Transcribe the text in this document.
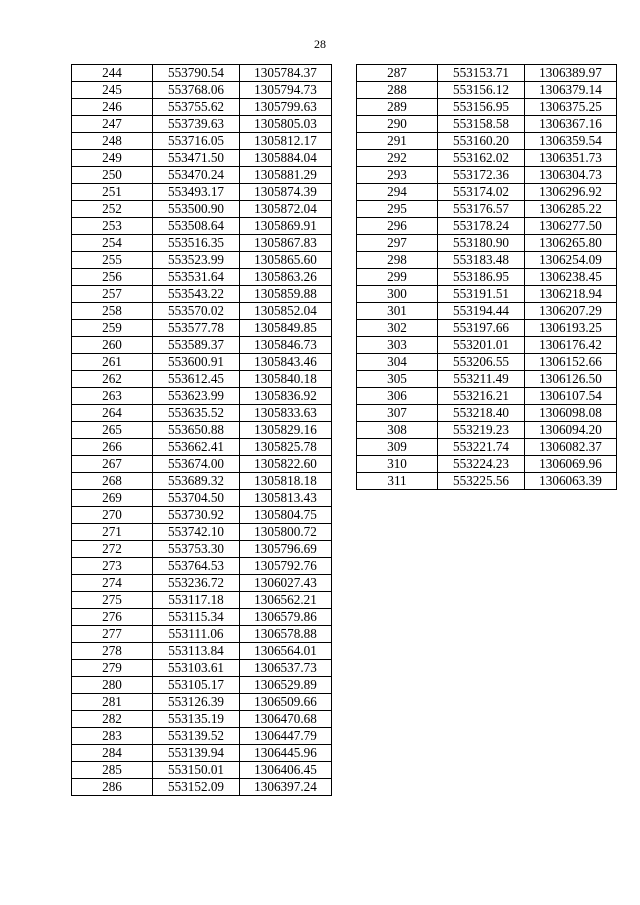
28
244	553790.54	1305784.37
245	553768.06	1305794.73
246	553755.62	1305799.63
247	553739.63	1305805.03
248	553716.05	1305812.17
249	553471.50	1305884.04
250	553470.24	1305881.29
251	553493.17	1305874.39
252	553500.90	1305872.04
253	553508.64	1305869.91
254	553516.35	1305867.83
255	553523.99	1305865.60
256	553531.64	1305863.26
257	553543.22	1305859.88
258	553570.02	1305852.04
259	553577.78	1305849.85
260	553589.37	1305846.73
261	553600.91	1305843.46
262	553612.45	1305840.18
263	553623.99	1305836.92
264	553635.52	1305833.63
265	553650.88	1305829.16
266	553662.41	1305825.78
267	553674.00	1305822.60
268	553689.32	1305818.18
269	553704.50	1305813.43
270	553730.92	1305804.75
271	553742.10	1305800.72
272	553753.30	1305796.69
273	553764.53	1305792.76
274	553236.72	1306027.43
275	553117.18	1306562.21
276	553115.34	1306579.86
277	553111.06	1306578.88
278	553113.84	1306564.01
279	553103.61	1306537.73
280	553105.17	1306529.89
281	553126.39	1306509.66
282	553135.19	1306470.68
283	553139.52	1306447.79
284	553139.94	1306445.96
285	553150.01	1306406.45
286	553152.09	1306397.24
287	553153.71	1306389.97
288	553156.12	1306379.14
289	553156.95	1306375.25
290	553158.58	1306367.16
291	553160.20	1306359.54
292	553162.02	1306351.73
293	553172.36	1306304.73
294	553174.02	1306296.92
295	553176.57	1306285.22
296	553178.24	1306277.50
297	553180.90	1306265.80
298	553183.48	1306254.09
299	553186.95	1306238.45
300	553191.51	1306218.94
301	553194.44	1306207.29
302	553197.66	1306193.25
303	553201.01	1306176.42
304	553206.55	1306152.66
305	553211.49	1306126.50
306	553216.21	1306107.54
307	553218.40	1306098.08
308	553219.23	1306094.20
309	553221.74	1306082.37
310	553224.23	1306069.96
311	553225.56	1306063.39
